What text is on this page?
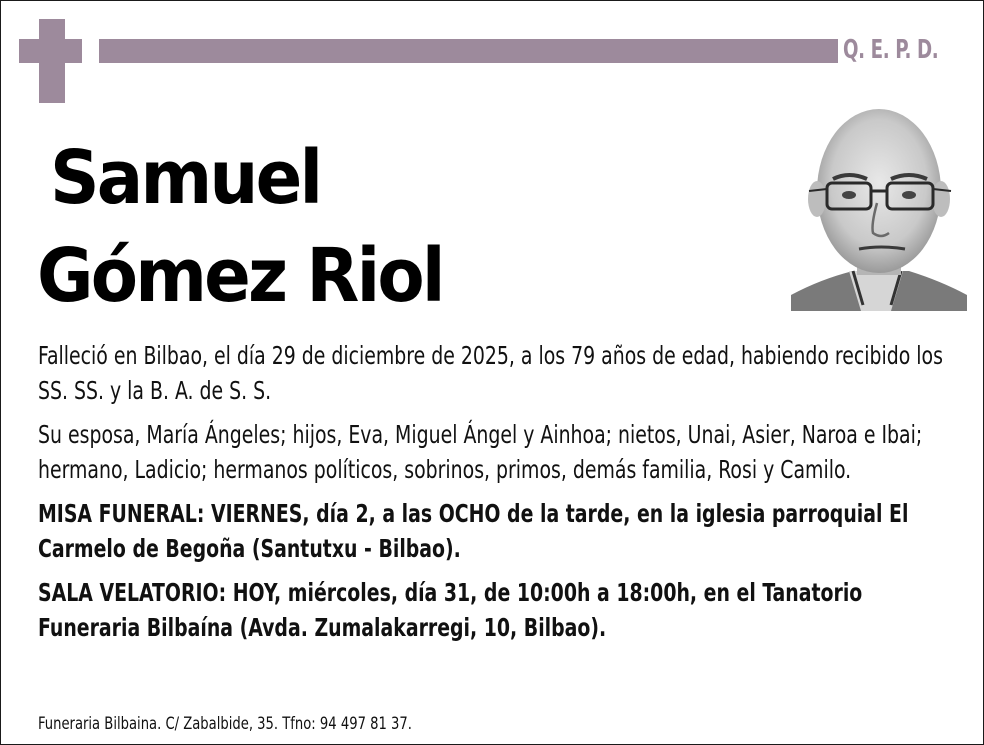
Q. E. P. D.
Samuel
Gómez Riol

Falleció en Bilbao, el día 29 de diciembre de 2025, a los 79 años de edad, habiendo recibido los SS. SS. y la B. A. de S. S.

Su esposa, María Ángeles; hijos, Eva, Miguel Ángel y Ainhoa; nietos, Unai, Asier, Naroa e Ibai; hermano, Ladicio; hermanos políticos, sobrinos, primos, demás familia, Rosi y Camilo.

MISA FUNERAL: VIERNES, día 2, a las OCHO de la tarde, en la iglesia parroquial El Carmelo de Begoña (Santutxu - Bilbao).

SALA VELATORIO: HOY, miércoles, día 31, de 10:00h a 18:00h, en el Tanatorio Funeraria Bilbaína (Avda. Zumalakarregi, 10, Bilbao).

Funeraria Bilbaina. C/ Zabalbide, 35. Tfno: 94 497 81 37.
